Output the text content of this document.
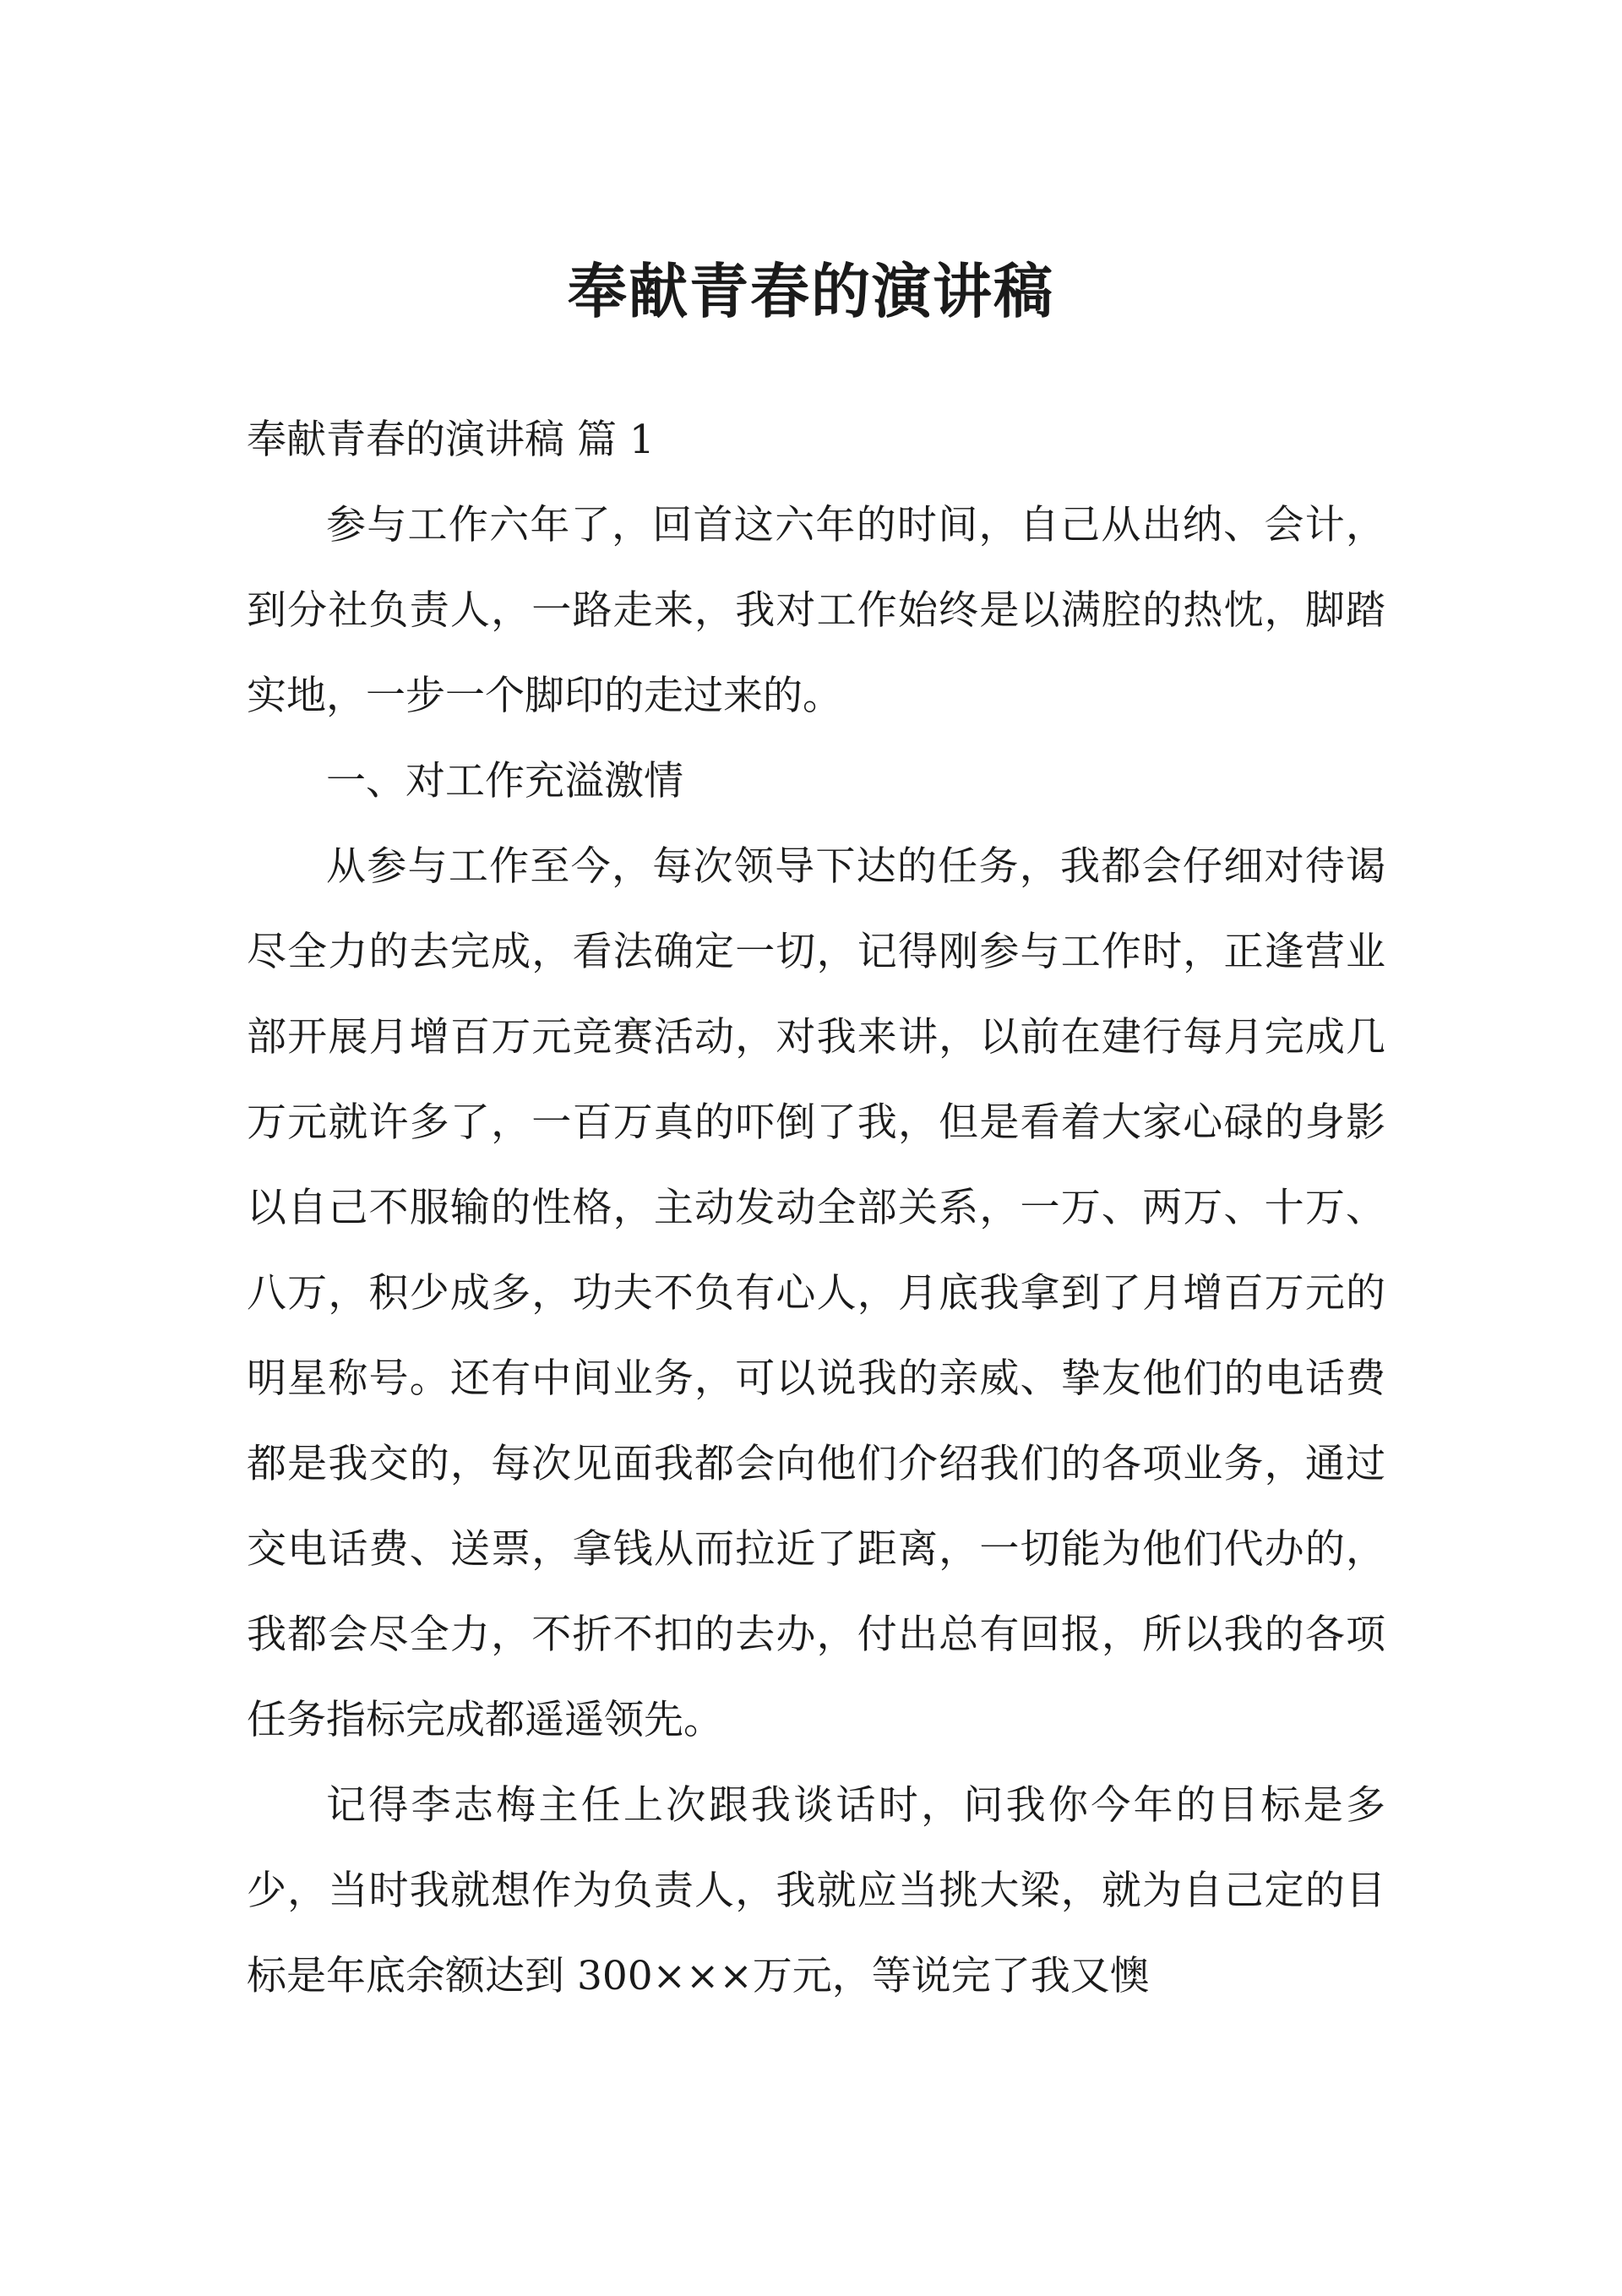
奉献青春的演讲稿

奉献青春的演讲稿 篇 1

参与工作六年了，回首这六年的时间，自己从出纳、会计，到分社负责人，一路走来，我对工作始终是以满腔的热忱，脚踏实地，一步一个脚印的走过来的。

一、对工作充溢激情

从参与工作至今，每次领导下达的任务，我都会仔细对待谒尽全力的去完成，看法确定一切，记得刚参与工作时，正逢营业部开展月增百万元竞赛活动，对我来讲，以前在建行每月完成几万元就许多了，一百万真的吓倒了我，但是看着大家心碌的身影以自己不服输的性格，主动发动全部关系，一万、两万、十万、八万，积少成多，功夫不负有心人，月底我拿到了月增百万元的明星称号。还有中间业务，可以说我的亲威、挚友他们的电话费都是我交的，每次见面我都会向他们介绍我们的各项业务，通过交电话费、送票，拿钱从而拉近了距离，一切能为他们代办的，我都会尽全力，不折不扣的去办，付出总有回报，所以我的各项任务指标完成都遥遥领先。

记得李志梅主任上次跟我谈话时，问我你今年的目标是多少，当时我就想作为负责人，我就应当挑大梁，就为自己定的目标是年底余额达到 300×××万元，等说完了我又懊
